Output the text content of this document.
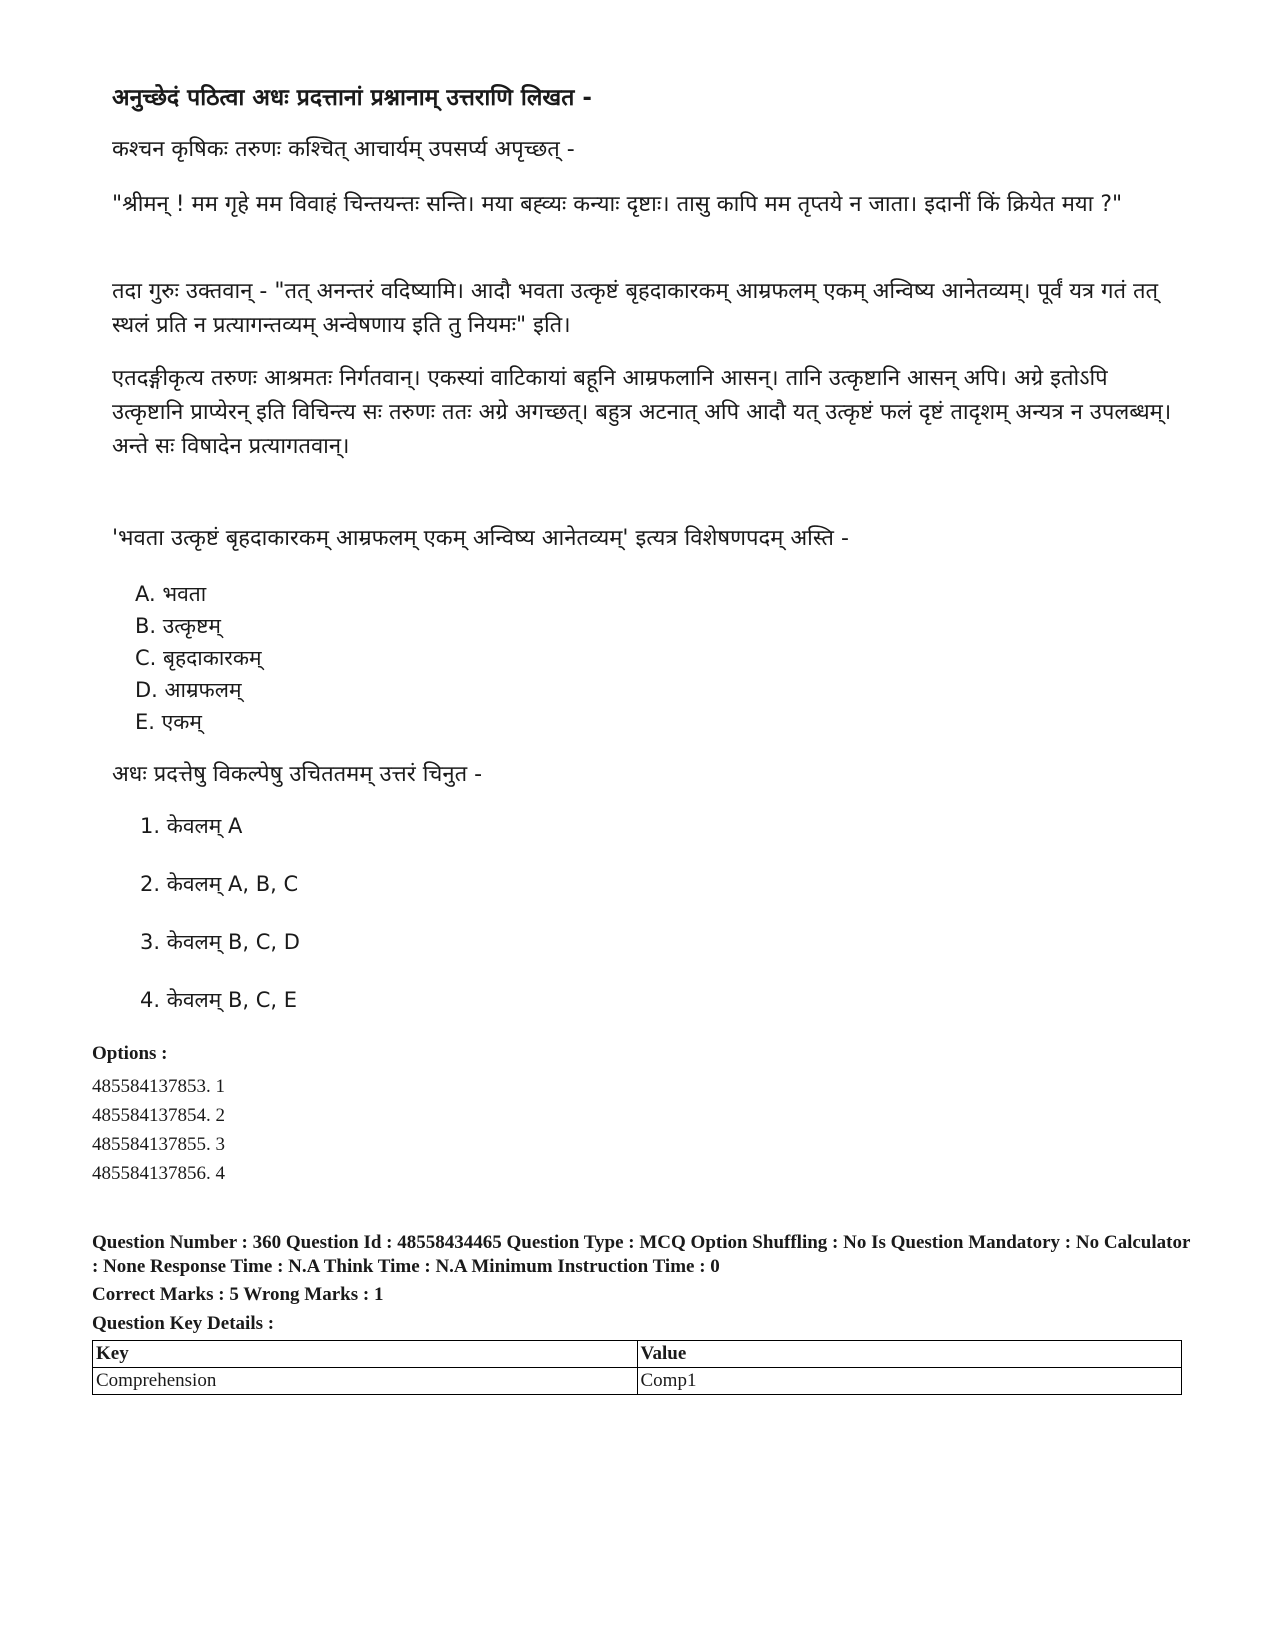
अनुच्छेदं पठित्वा अधः प्रदत्तानां प्रश्नानाम् उत्तराणि लिखत -

कश्चन कृषिकः तरुणः कश्चित् आचार्यम् उपसर्प्य अपृच्छत् -

"श्रीमन् ! मम गृहे मम विवाहं चिन्तयन्तः सन्ति। मया बह्व्यः कन्याः दृष्टाः। तासु कापि मम तृप्तये न जाता। इदानीं किं क्रियेत मया ?"

तदा गुरुः उक्तवान् - "तत् अनन्तरं वदिष्यामि। आदौ भवता उत्कृष्टं बृहदाकारकम् आम्रफलम् एकम् अन्विष्य आनेतव्यम्। पूर्वं यत्र गतं तत् स्थलं प्रति न प्रत्यागन्तव्यम् अन्वेषणाय इति तु नियमः" इति।

एतदङ्गीकृत्य तरुणः आश्रमतः निर्गतवान्। एकस्यां वाटिकायां बहूनि आम्रफलानि आसन्। तानि उत्कृष्टानि आसन् अपि। अग्रे इतोऽपि उत्कृष्टानि प्राप्येरन् इति विचिन्त्य सः तरुणः ततः अग्रे अगच्छत्। बहुत्र अटनात् अपि आदौ यत् उत्कृष्टं फलं दृष्टं तादृशम् अन्यत्र न उपलब्धम्। अन्ते सः विषादेन प्रत्यागतवान्।

'भवता उत्कृष्टं बृहदाकारकम् आम्रफलम् एकम् अन्विष्य आनेतव्यम्' इत्यत्र विशेषणपदम् अस्ति -
A. भवता
B. उत्कृष्टम्
C. बृहदाकारकम्
D. आम्रफलम्
E. एकम्
अधः प्रदत्तेषु विकल्पेषु उचिततमम् उत्तरं चिनुत -
1. केवलम् A
2. केवलम् A, B, C
3. केवलम् B, C, D
4. केवलम् B, C, E
Options :
485584137853. 1
485584137854. 2
485584137855. 3
485584137856. 4
Question Number : 360 Question Id : 48558434465 Question Type : MCQ Option Shuffling : No Is Question Mandatory : No Calculator : None Response Time : N.A Think Time : N.A Minimum Instruction Time : 0
Correct Marks : 5 Wrong Marks : 1
Question Key Details :
Key	Value
Comprehension	Comp1
